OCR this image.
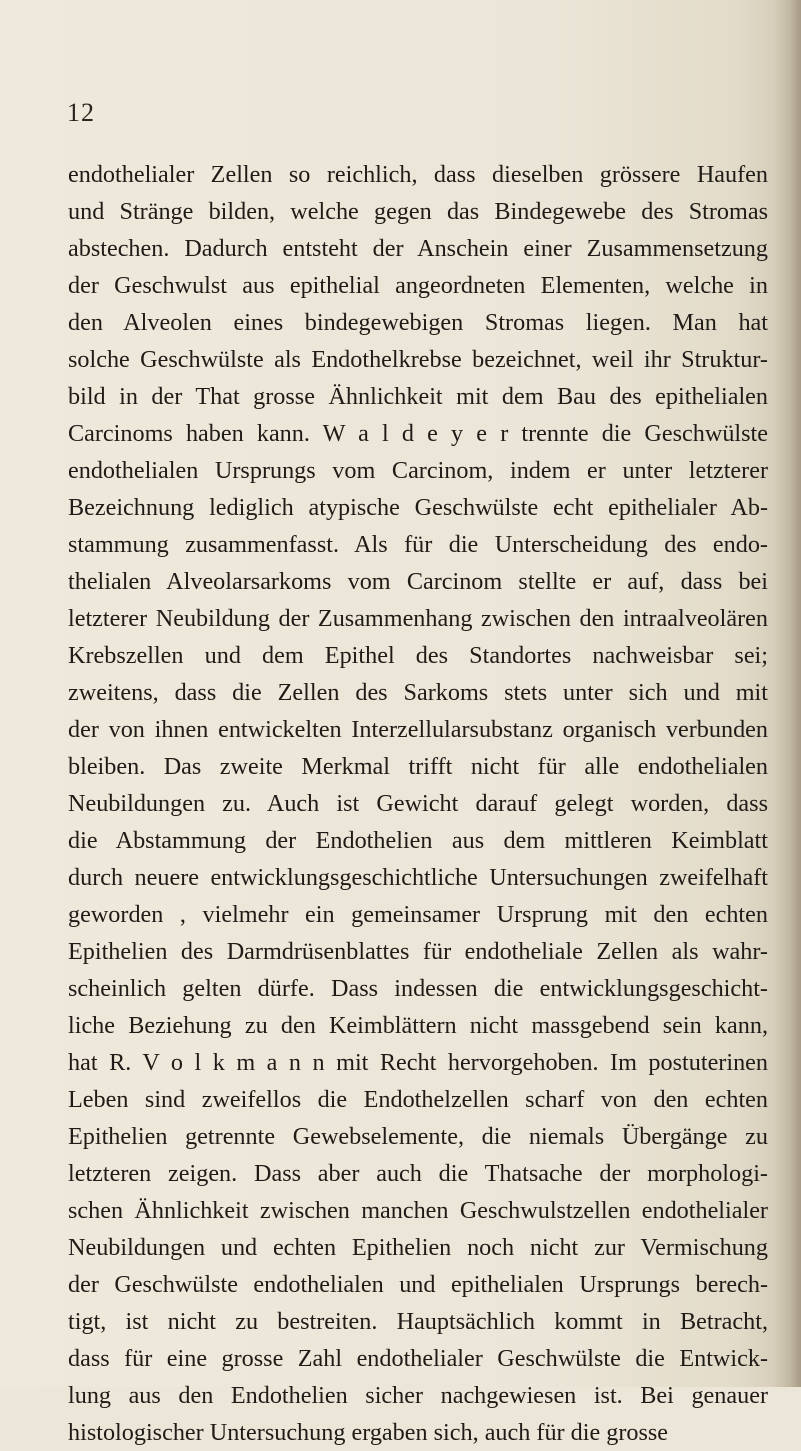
12
endothelialer Zellen so reichlich, dass dieselben grössere Haufen
und Stränge bilden, welche gegen das Bindegewebe des Stromas
abstechen. Dadurch entsteht der Anschein einer Zusammensetzung
der Geschwulst aus epithelial angeordneten Elementen, welche in
den Alveolen eines bindegewebigen Stromas liegen. Man hat
solche Geschwülste als Endothelkrebse bezeichnet, weil ihr Struktur-
bild in der That grosse Ähnlichkeit mit dem Bau des epithelialen
Carcinoms haben kann. W a l d e y e r trennte die Geschwülste
endothelialen Ursprungs vom Carcinom, indem er unter letzterer
Bezeichnung lediglich atypische Geschwülste echt epithelialer Ab-
stammung zusammenfasst. Als für die Unterscheidung des endo-
thelialen Alveolarsarkoms vom Carcinom stellte er auf, dass bei
letzterer Neubildung der Zusammenhang zwischen den intraalveolären
Krebszellen und dem Epithel des Standortes nachweisbar sei;
zweitens, dass die Zellen des Sarkoms stets unter sich und mit
der von ihnen entwickelten Interzellularsubstanz organisch verbunden
bleiben. Das zweite Merkmal trifft nicht für alle endothelialen
Neubildungen zu. Auch ist Gewicht darauf gelegt worden, dass
die Abstammung der Endothelien aus dem mittleren Keimblatt
durch neuere entwicklungsgeschichtliche Untersuchungen zweifelhaft
geworden , vielmehr ein gemeinsamer Ursprung mit den echten
Epithelien des Darmdrüsenblattes für endotheliale Zellen als wahr-
scheinlich gelten dürfe. Dass indessen die entwicklungsgeschicht-
liche Beziehung zu den Keimblättern nicht massgebend sein kann,
hat R. V o l k m a n n mit Recht hervorgehoben. Im postuterinen
Leben sind zweifellos die Endothelzellen scharf von den echten
Epithelien getrennte Gewebselemente, die niemals Übergänge zu
letzteren zeigen. Dass aber auch die Thatsache der morphologi-
schen Ähnlichkeit zwischen manchen Geschwulstzellen endothelialer
Neubildungen und echten Epithelien noch nicht zur Vermischung
der Geschwülste endothelialen und epithelialen Ursprungs berech-
tigt, ist nicht zu bestreiten. Hauptsächlich kommt in Betracht,
dass für eine grosse Zahl endothelialer Geschwülste die Entwick-
lung aus den Endothelien sicher nachgewiesen ist. Bei genauer
histologischer Untersuchung ergaben sich, auch für die grosse
